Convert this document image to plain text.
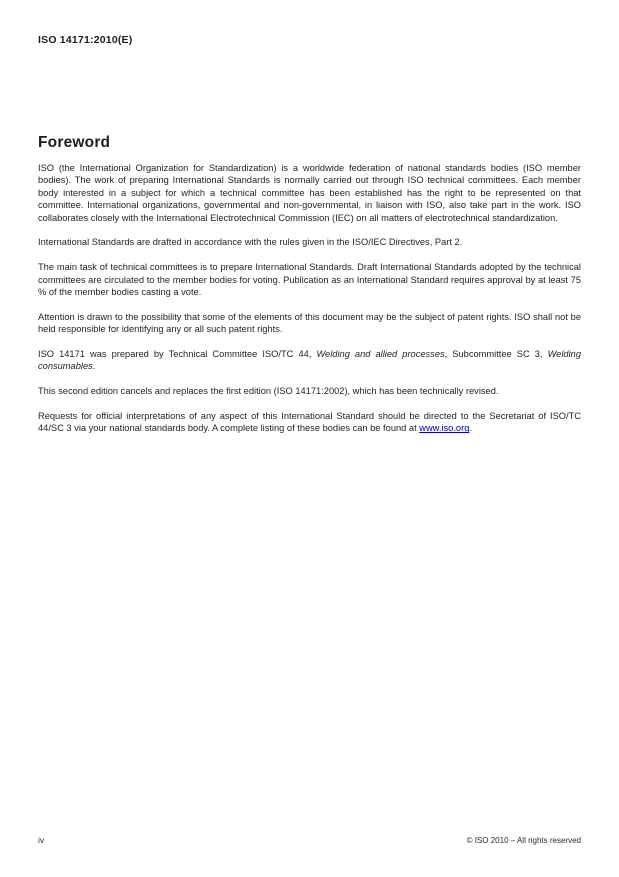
ISO 14171:2010(E)
Foreword

ISO (the International Organization for Standardization) is a worldwide federation of national standards bodies (ISO member bodies). The work of preparing International Standards is normally carried out through ISO technical committees. Each member body interested in a subject for which a technical committee has been established has the right to be represented on that committee. International organizations, governmental and non-governmental, in liaison with ISO, also take part in the work. ISO collaborates closely with the International Electrotechnical Commission (IEC) on all matters of electrotechnical standardization.

International Standards are drafted in accordance with the rules given in the ISO/IEC Directives, Part 2.

The main task of technical committees is to prepare International Standards. Draft International Standards adopted by the technical committees are circulated to the member bodies for voting. Publication as an International Standard requires approval by at least 75 % of the member bodies casting a vote.

Attention is drawn to the possibility that some of the elements of this document may be the subject of patent rights. ISO shall not be held responsible for identifying any or all such patent rights.

ISO 14171 was prepared by Technical Committee ISO/TC 44, Welding and allied processes, Subcommittee SC 3, Welding consumables.

This second edition cancels and replaces the first edition (ISO 14171:2002), which has been technically revised.

Requests for official interpretations of any aspect of this International Standard should be directed to the Secretariat of ISO/TC 44/SC 3 via your national standards body. A complete listing of these bodies can be found at www.iso.org.

iv	© ISO 2010 – All rights reserved
